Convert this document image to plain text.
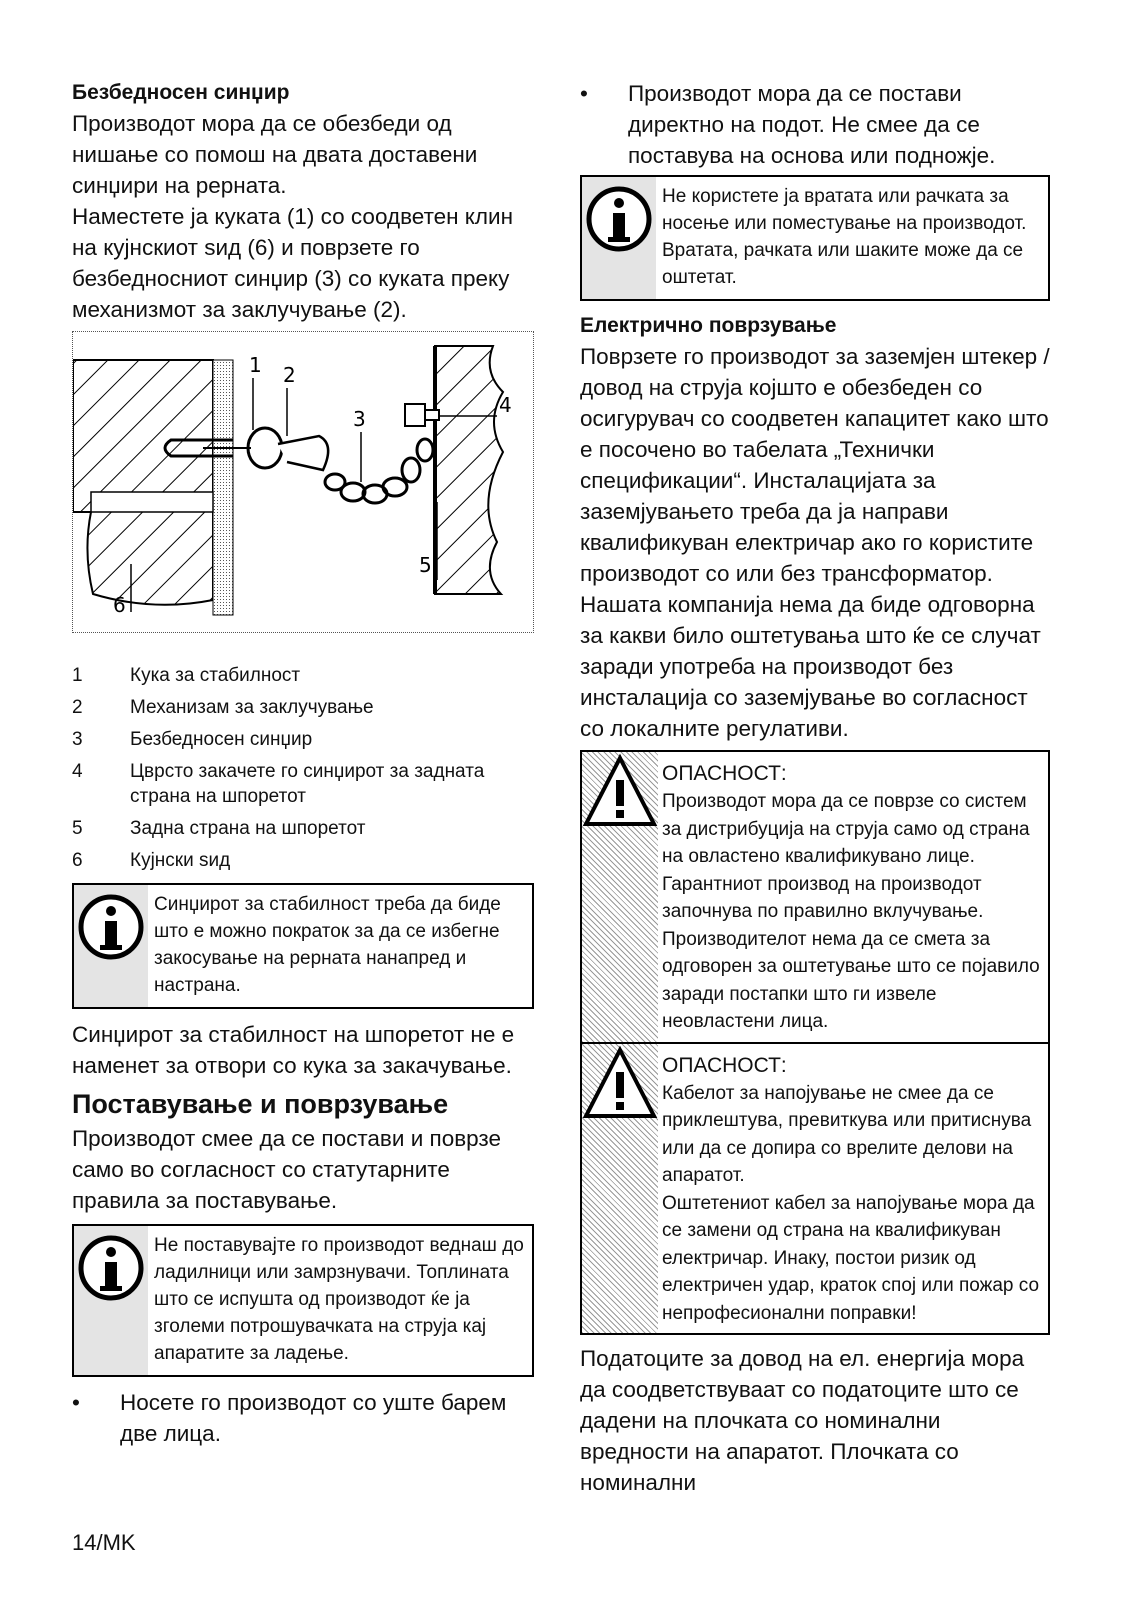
Безбедносен синџир

Производот мора да се обезбеди од нишање со помош на двата доставени синџири на рерната.

Наместете ја куката (1) со соодветен клин на кујнскиот ѕид (6) и поврзете го безбедносниот синџир (3) со куката преку механизмот за заклучување (2).

1 2
3
4
5
6
1	Кука за стабилност
2	Механизам за заклучување
3	Безбедносен синџир
4	Цврсто закачете го синџирот за задната страна на шпоретот
5	Задна страна на шпоретот
6	Кујнски ѕид
Синџирот за стабилност треба да биде што е можно пократок за да се избегне закосување на рерната нанапред и настрана.

Синџирот за стабилност на шпоретот не е наменет за отвори со кука за закачување.

Поставување и поврзување

Производот смее да се постави и поврзе само во согласност со статутарните правила за поставување.

Не поставувајте го производот веднаш до ладилници или замрзнувачи. Топлината што се испушта од производот ќе ја зголеми потрошувачката на струја кај апаратите за ладење.
•	Носете го производот со уште барем две лица.
•	Производот мора да се постави директно на подот. Не смее да се поставува на основа или подножје.
Не користете ја вратата или рачката за носење или поместување на производот. Вратата, рачката или шаките може да се оштетат.

Електрично поврзување

Поврзете го производот за заземјен штекер / довод на струја којшто е обезбеден со осигурувач со соодветен капацитет како што е посочено во табелата „Технички спецификации“. Инсталацијата за заземјувањето треба да ја направи квалификуван електричар ако го користите производот со или без трансформатор.

Нашата компанија нема да биде одговорна за какви било оштетувања што ќе се случат заради употреба на производот без инсталација со заземјување во согласност со локалните регулативи.

ОПАСНОСТ:
Производот мора да се поврзе со систем за дистрибуција на струја само од страна на овластено квалификувано лице. Гарантниот производ на производот започнува по правилно вклучување.
Производителот нема да се смета за одговорен за оштетување што се појавило заради постапки што ги извеле неовластени лица.
ОПАСНОСТ:
Кабелот за напојување не смее да се приклештува, превиткува или притиснува или да се допира со врелите делови на апаратот.
Оштетениот кабел за напојување мора да се замени од страна на квалификуван електричар. Инаку, постои ризик од електричен удар, краток спој или пожар со непрофесионални поправки!

Податоците за довод на ел. енергија мора да соодветствуваат со податоците што се дадени на плочката со номинални вредности на апаратот. Плочката со номинални

14/MK
